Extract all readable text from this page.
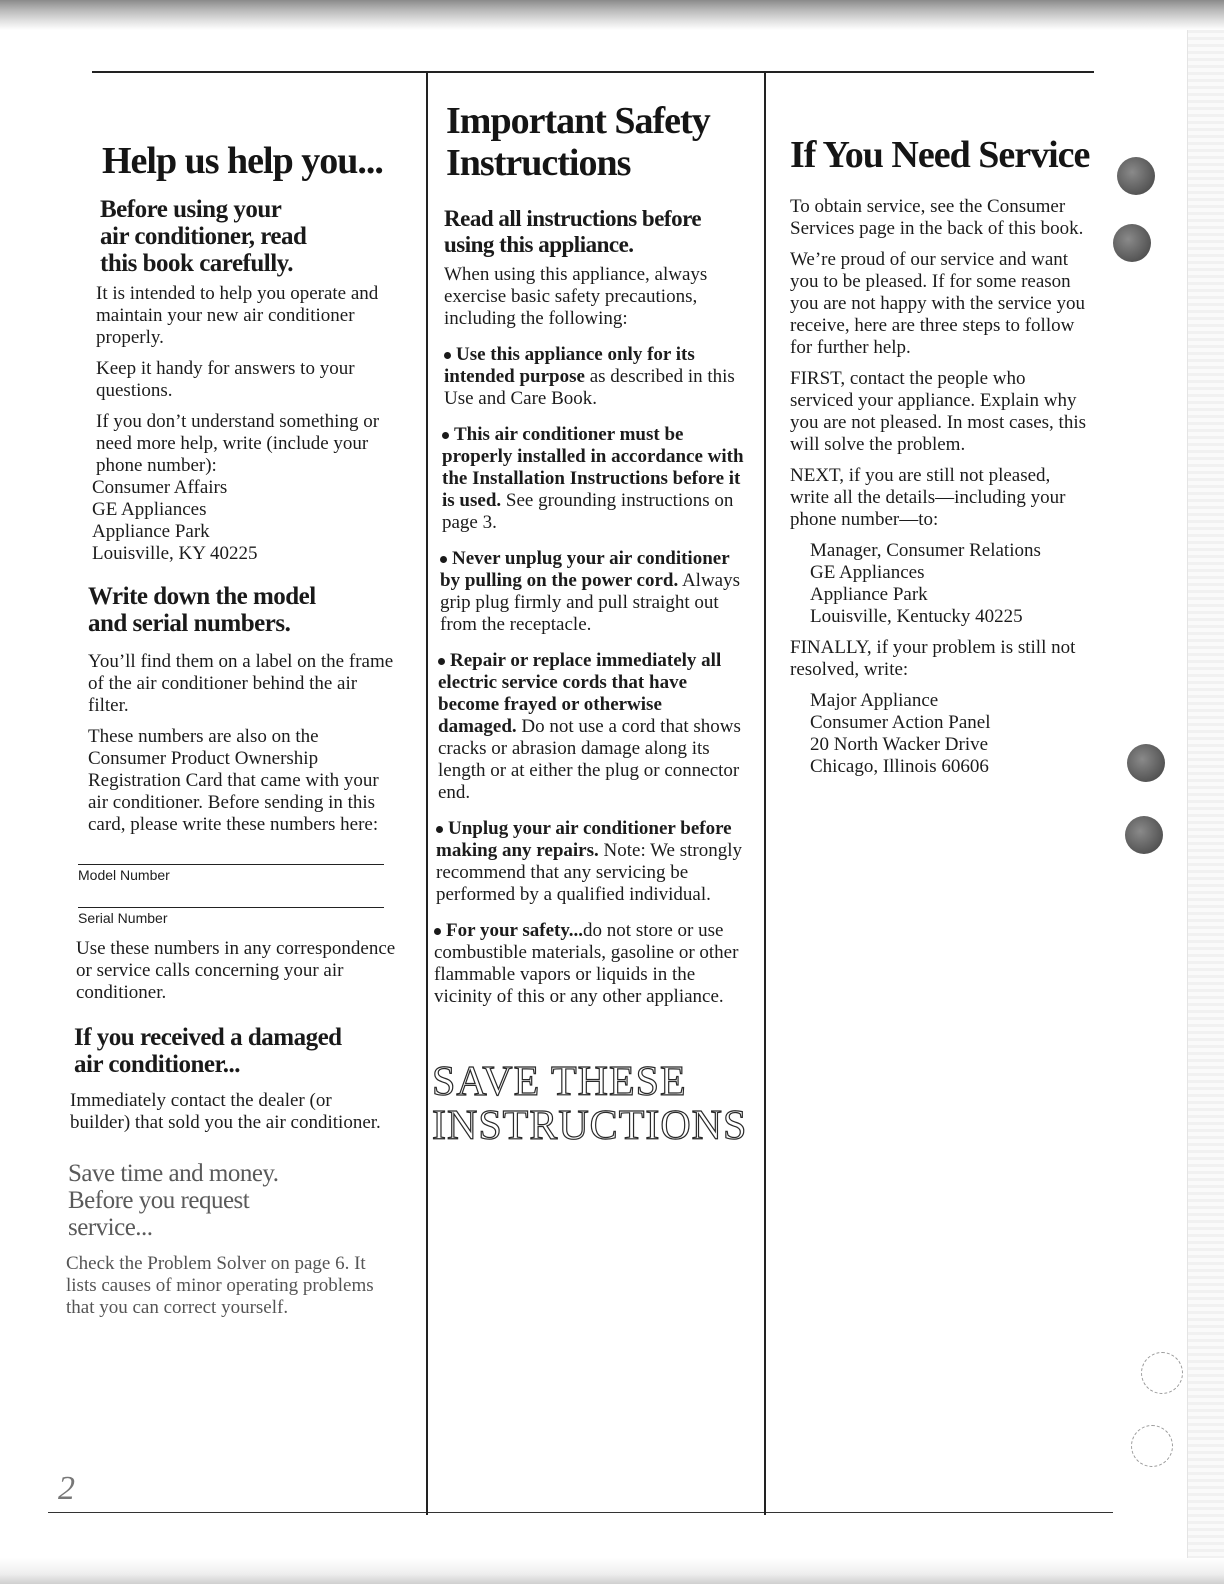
Help us help you...
Before using your
air conditioner, read
this book carefully.

It is intended to help you operate and maintain your new air conditioner properly.

Keep it handy for answers to your questions.

If you don’t understand something or need more help, write (include your phone number):

Consumer Affairs
GE Appliances
Appliance Park
Louisville, KY 40225
Write down the model
and serial numbers.

You’ll find them on a label on the frame of the air conditioner behind the air filter.

These numbers are also on the Consumer Product Ownership Registration Card that came with your air conditioner. Before sending in this card, please write these numbers here:

Model Number
Serial Number

Use these numbers in any correspondence or service calls concerning your air conditioner.

If you received a damaged
air conditioner...

Immediately contact the dealer (or builder) that sold you the air conditioner.

Save time and money.
Before you request
service...

Check the Problem Solver on page 6. It lists causes of minor operating problems that you can correct yourself.

2
Important Safety
Instructions
Read all instructions before
using this appliance.

When using this appliance, always exercise basic safety precautions, including the following:

Use this appliance only for its intended purpose as described in this Use and Care Book.

This air conditioner must be properly installed in accordance with the Installation Instructions before it is used. See grounding instructions on page 3.

Never unplug your air conditioner by pulling on the power cord. Always grip plug firmly and pull straight out from the receptacle.

Repair or replace immediately all electric service cords that have become frayed or otherwise damaged. Do not use a cord that shows cracks or abrasion damage along its length or at either the plug or connector end.

Unplug your air conditioner before making any repairs. Note: We strongly recommend that any servicing be performed by a qualified individual.

For your safety...do not store or use combustible materials, gasoline or other flammable vapors or liquids in the vicinity of this or any other appliance.

SAVE THESE
INSTRUCTIONS
If You Need Service

To obtain service, see the Consumer Services page in the back of this book.

We’re proud of our service and want you to be pleased. If for some reason you are not happy with the service you receive, here are three steps to follow for further help.

FIRST, contact the people who serviced your appliance. Explain why you are not pleased. In most cases, this will solve the problem.

NEXT, if you are still not pleased, write all the details—including your phone number—to:

Manager, Consumer Relations
GE Appliances
Appliance Park
Louisville, Kentucky 40225

FINALLY, if your problem is still not resolved, write:

Major Appliance
Consumer Action Panel
20 North Wacker Drive
Chicago, Illinois 60606
